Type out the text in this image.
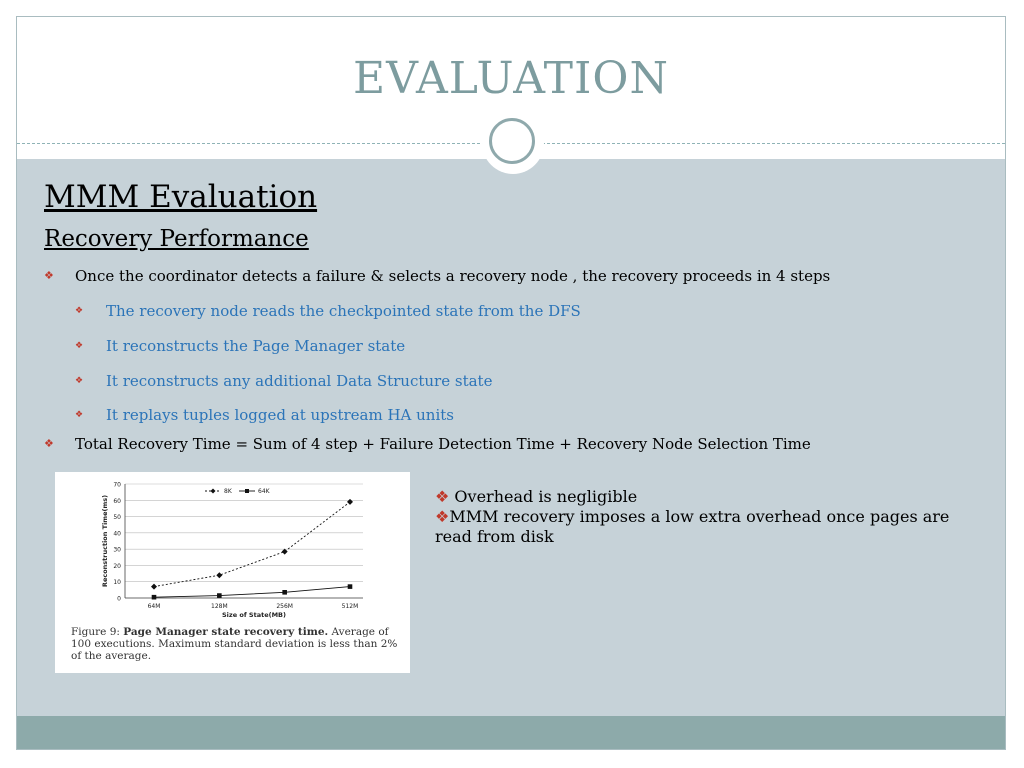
EVALUATION
MMM Evaluation
Recovery Performance
❖ Once the coordinator detects a failure & selects a recovery node , the recovery proceeds in 4 steps
❖ The recovery node reads the checkpointed state from the DFS
❖ It reconstructs the Page Manager state
❖ It reconstructs any additional Data Structure state
❖ It replays tuples logged at upstream HA units
❖ Total Recovery Time = Sum of 4 step + Failure Detection Time + Recovery Node Selection Time
0
10
20
30
40
50
60
70
64M	128M	256M	512M
Size of State(MB)
Reconstruction Time(ms)
8K	64K
Figure 9: Page Manager state recovery time. Average of 100 executions. Maximum standard deviation is less than 2% of the average.
❖ Overhead is negligible
❖MMM recovery imposes a low extra overhead once pages are read from disk
